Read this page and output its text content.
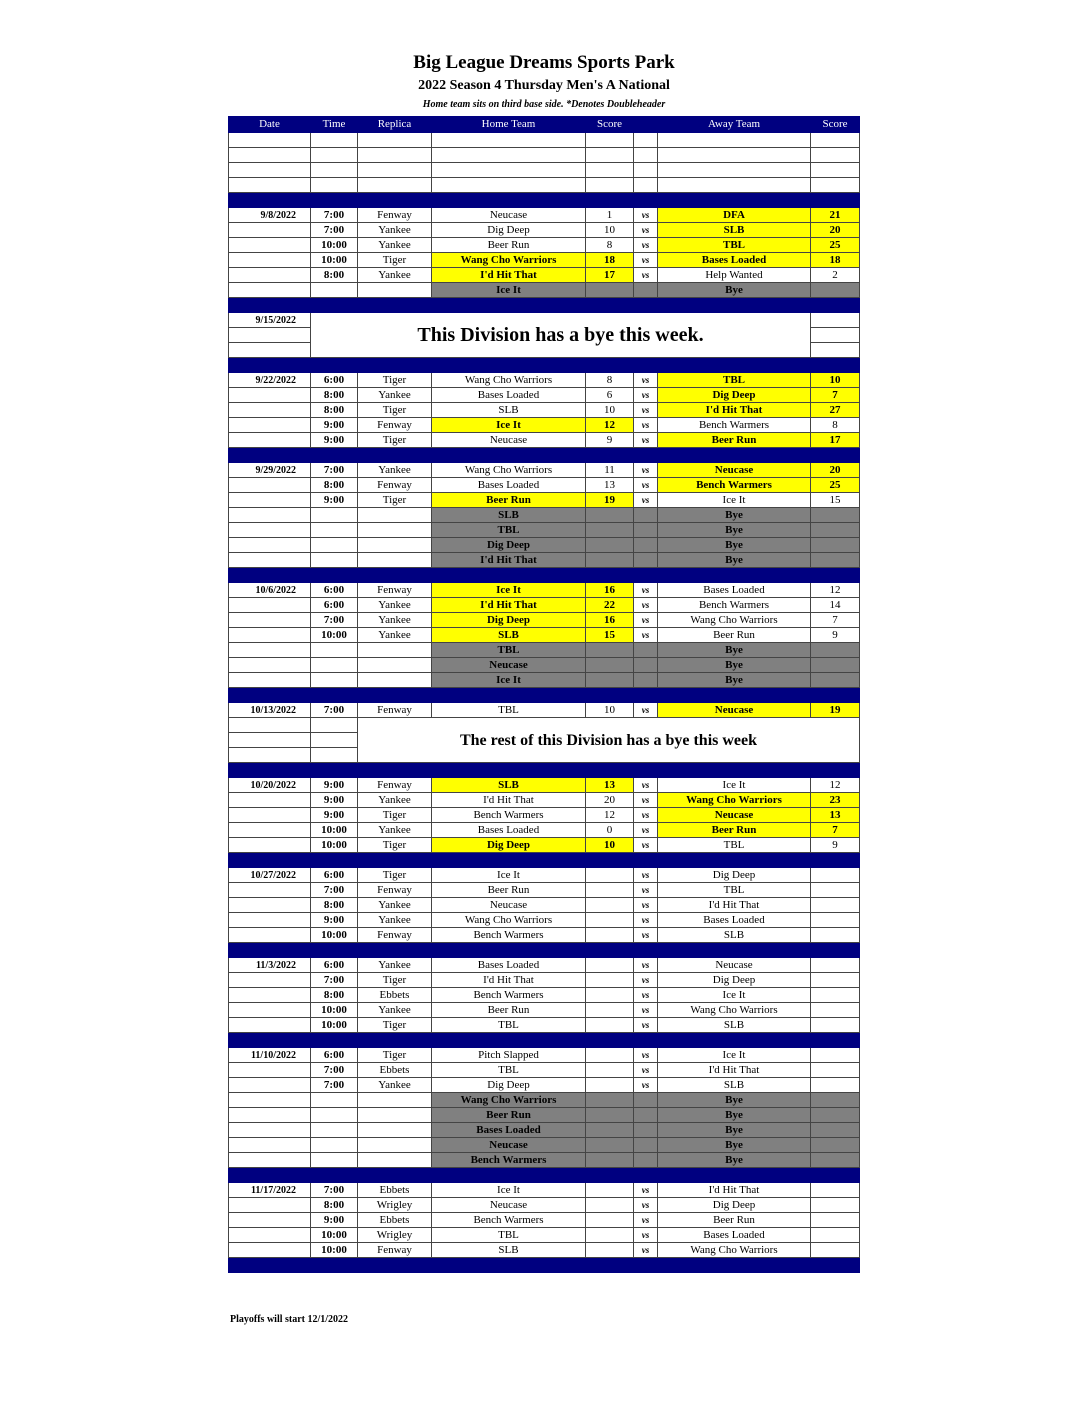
Big League Dreams Sports Park
2022 Season 4 Thursday Men's A National
Home team sits on third base side. *Denotes Doubleheader
Date	Time	Replica	Home Team	Score		Away Team	Score

9/8/2022	7:00	Fenway	Neucase	1	vs	DFA	21
	7:00	Yankee	Dig Deep	10	vs	SLB	20
	10:00	Yankee	Beer Run	8	vs	TBL	25
	10:00	Tiger	Wang Cho Warriors	18	vs	Bases Loaded	18
	8:00	Yankee	I'd Hit That	17	vs	Help Wanted	2
			Ice It			Bye	

9/15/2022	This Division has a bye this week.						

9/22/2022	6:00	Tiger	Wang Cho Warriors	8	vs	TBL	10
	8:00	Yankee	Bases Loaded	6	vs	Dig Deep	7
	8:00	Tiger	SLB	10	vs	I'd Hit That	27
	9:00	Fenway	Ice It	12	vs	Bench Warmers	8
	9:00	Tiger	Neucase	9	vs	Beer Run	17

9/29/2022	7:00	Yankee	Wang Cho Warriors	11	vs	Neucase	20
	8:00	Fenway	Bases Loaded	13	vs	Bench Warmers	25
	9:00	Tiger	Beer Run	19	vs	Ice It	15
			SLB			Bye	
			TBL			Bye	
			Dig Deep			Bye	
			I'd Hit That			Bye	

10/6/2022	6:00	Fenway	Ice It	16	vs	Bases Loaded	12
	6:00	Yankee	I'd Hit That	22	vs	Bench Warmers	14
	7:00	Yankee	Dig Deep	16	vs	Wang Cho Warriors	7
	10:00	Yankee	SLB	15	vs	Beer Run	9
			TBL			Bye	
			Neucase			Bye	
			Ice It			Bye	

10/13/2022	7:00	Fenway	TBL	10	vs	Neucase	19
		The rest of this Division has a bye this week					

10/20/2022	9:00	Fenway	SLB	13	vs	Ice It	12
	9:00	Yankee	I'd Hit That	20	vs	Wang Cho Warriors	23
	9:00	Tiger	Bench Warmers	12	vs	Neucase	13
	10:00	Yankee	Bases Loaded	0	vs	Beer Run	7
	10:00	Tiger	Dig Deep	10	vs	TBL	9

10/27/2022	6:00	Tiger	Ice It		vs	Dig Deep	
	7:00	Fenway	Beer Run		vs	TBL	
	8:00	Yankee	Neucase		vs	I'd Hit That	
	9:00	Yankee	Wang Cho Warriors		vs	Bases Loaded	
	10:00	Fenway	Bench Warmers		vs	SLB	

11/3/2022	6:00	Yankee	Bases Loaded		vs	Neucase	
	7:00	Tiger	I'd Hit That		vs	Dig Deep	
	8:00	Ebbets	Bench Warmers		vs	Ice It	
	10:00	Yankee	Beer Run		vs	Wang Cho Warriors	
	10:00	Tiger	TBL		vs	SLB	

11/10/2022	6:00	Tiger	Pitch Slapped		vs	Ice It	
	7:00	Ebbets	TBL		vs	I'd Hit That	
	7:00	Yankee	Dig Deep		vs	SLB	
			Wang Cho Warriors			Bye	
			Beer Run			Bye	
			Bases Loaded			Bye	
			Neucase			Bye	
			Bench Warmers			Bye	

11/17/2022	7:00	Ebbets	Ice It		vs	I'd Hit That	
	8:00	Wrigley	Neucase		vs	Dig Deep	
	9:00	Ebbets	Bench Warmers		vs	Beer Run	
	10:00	Wrigley	TBL		vs	Bases Loaded	
	10:00	Fenway	SLB		vs	Wang Cho Warriors	

Playoffs will start 12/1/2022
